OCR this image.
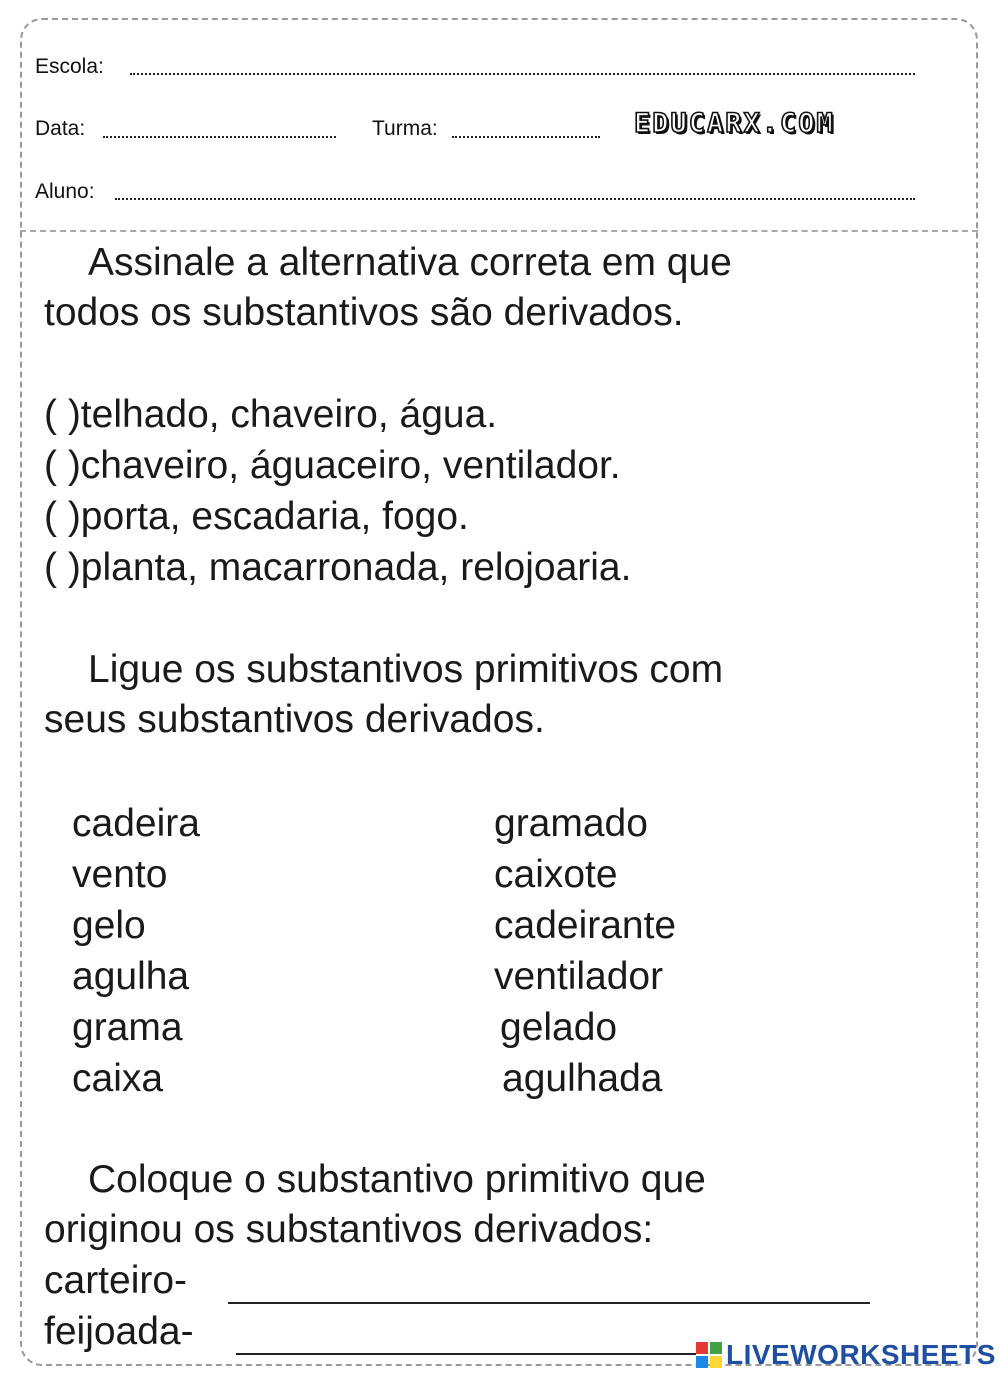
Escola:
Data:	Turma:	EDUCARX.COM
Aluno:
Assinale a alternativa correta em que
todos os substantivos são derivados.
( )telhado, chaveiro, água.
( )chaveiro, águaceiro, ventilador.
( )porta, escadaria, fogo.
( )planta, macarronada, relojoaria.
Ligue os substantivos primitivos com
seus substantivos derivados.
cadeira
vento
gelo
agulha
grama
caixa
gramado
caixote
cadeirante
ventilador
gelado
agulhada
Coloque o substantivo primitivo que
originou os substantivos derivados:
carteiro-
feijoada-
LIVEWORKSHEETS
